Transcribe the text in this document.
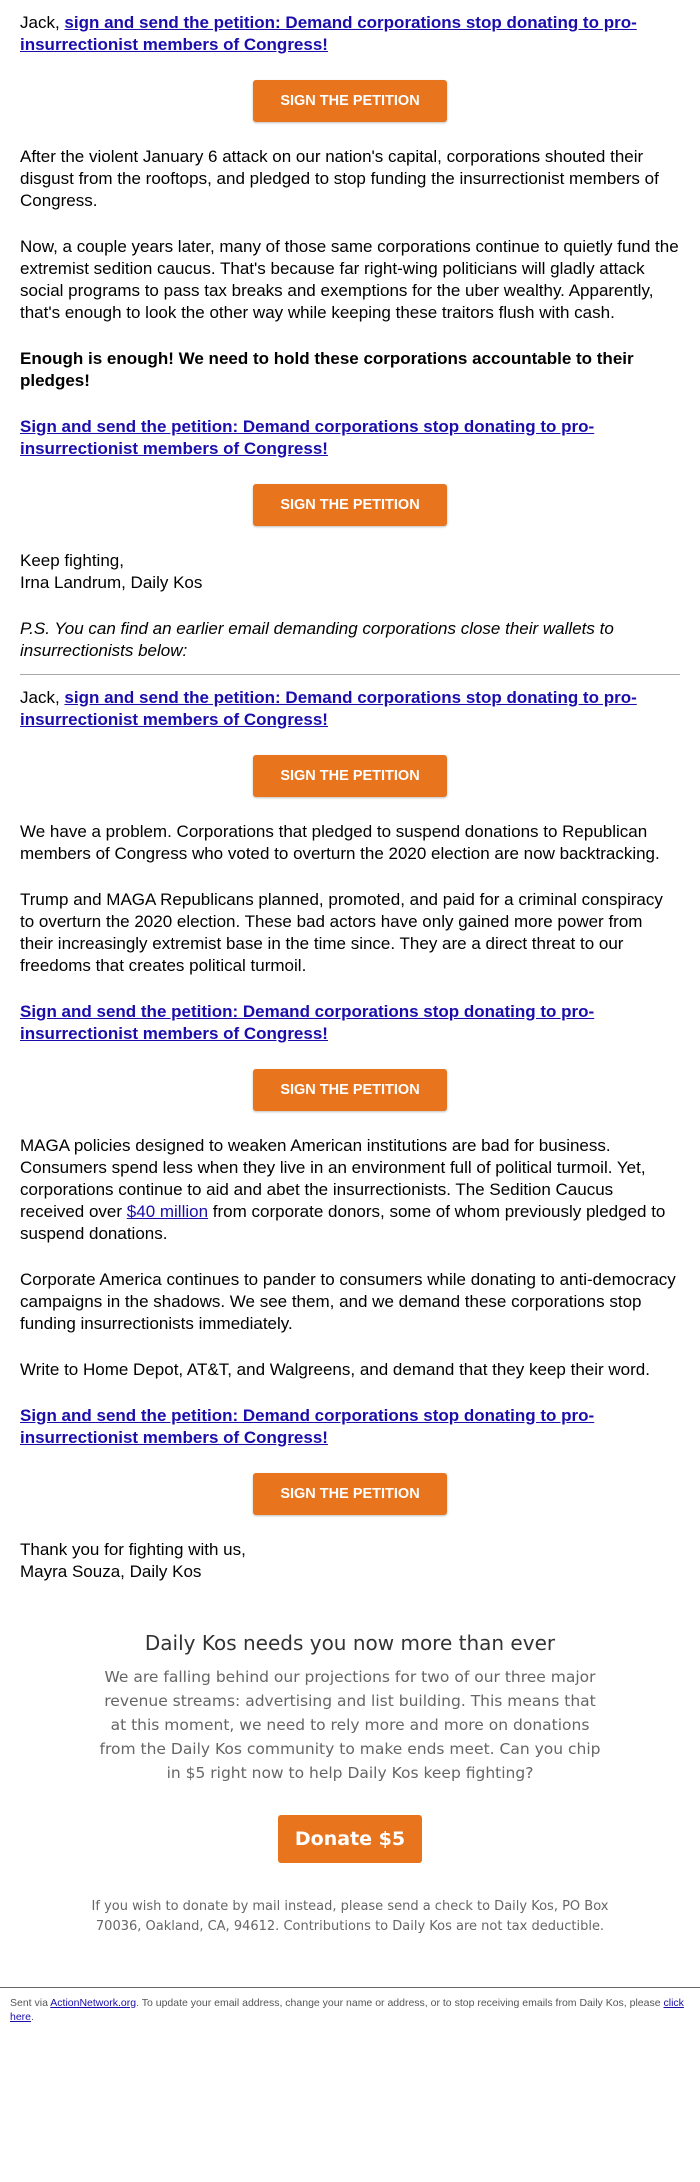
Jack, sign and send the petition: Demand corporations stop donating to pro-insurrectionist members of Congress!

SIGN THE PETITION

After the violent January 6 attack on our nation's capital, corporations shouted their disgust from the rooftops, and pledged to stop funding the insurrectionist members of Congress.

Now, a couple years later, many of those same corporations continue to quietly fund the extremist sedition caucus. That's because far right-wing politicians will gladly attack social programs to pass tax breaks and exemptions for the uber wealthy. Apparently, that's enough to look the other way while keeping these traitors flush with cash.

Enough is enough! We need to hold these corporations accountable to their pledges!

Sign and send the petition: Demand corporations stop donating to pro-insurrectionist members of Congress!

SIGN THE PETITION

Keep fighting,

Irna Landrum, Daily Kos

P.S. You can find an earlier email demanding corporations close their wallets to insurrectionists below:

Jack, sign and send the petition: Demand corporations stop donating to pro-insurrectionist members of Congress!

SIGN THE PETITION

We have a problem. Corporations that pledged to suspend donations to Republican members of Congress who voted to overturn the 2020 election are now backtracking.

Trump and MAGA Republicans planned, promoted, and paid for a criminal conspiracy to overturn the 2020 election. These bad actors have only gained more power from their increasingly extremist base in the time since. They are a direct threat to our freedoms that creates political turmoil.

Sign and send the petition: Demand corporations stop donating to pro-insurrectionist members of Congress!

SIGN THE PETITION

MAGA policies designed to weaken American institutions are bad for business. Consumers spend less when they live in an environment full of political turmoil. Yet, corporations continue to aid and abet the insurrectionists. The Sedition Caucus received over $40 million from corporate donors, some of whom previously pledged to suspend donations.

Corporate America continues to pander to consumers while donating to anti-democracy campaigns in the shadows. We see them, and we demand these corporations stop funding insurrectionists immediately.

Write to Home Depot, AT&T, and Walgreens, and demand that they keep their word.

Sign and send the petition: Demand corporations stop donating to pro-insurrectionist members of Congress!

SIGN THE PETITION

Thank you for fighting with us,

Mayra Souza, Daily Kos

Daily Kos needs you now more than ever
We are falling behind our projections for two of our three major revenue streams: advertising and list building. This means that at this moment, we need to rely more and more on donations from the Daily Kos community to make ends meet. Can you chip in $5 right now to help Daily Kos keep fighting?
Donate $5
If you wish to donate by mail instead, please send a check to Daily Kos, PO Box 70036, Oakland, CA, 94612. Contributions to Daily Kos are not tax deductible.
Sent via ActionNetwork.org. To update your email address, change your name or address, or to stop receiving emails from Daily Kos, please click here.
